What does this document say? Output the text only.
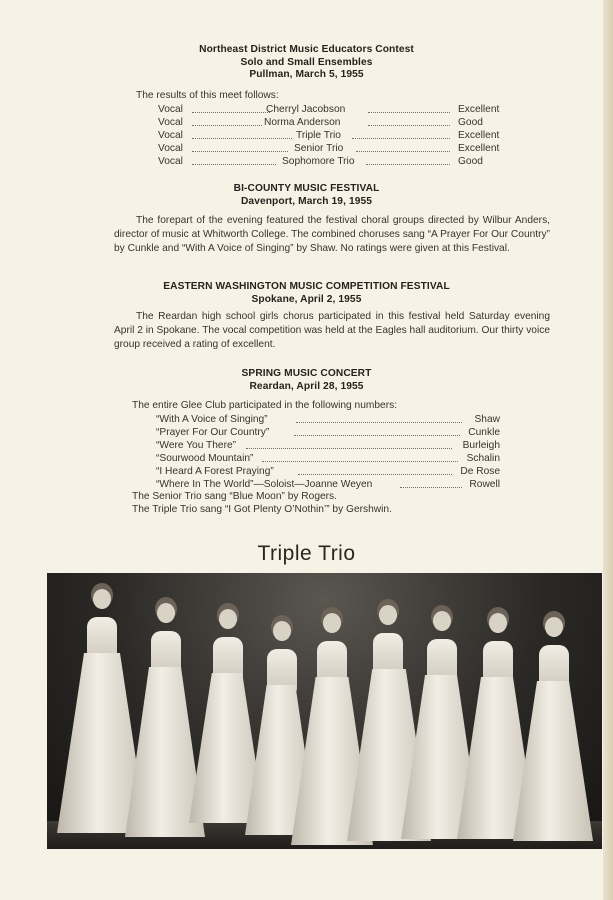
Northeast District Music Educators Contest
Solo and Small Ensembles
Pullman, March 5, 1955
The results of this meet follows:
Vocal	Cherryl Jacobson	Excellent
Vocal	Norma Anderson	Good
Vocal	Triple Trio	Excellent
Vocal	Senior Trio	Excellent
Vocal	Sophomore Trio	Good
BI-COUNTY MUSIC FESTIVAL
Davenport, March 19, 1955
The forepart of the evening featured the festival choral groups directed by Wilbur Anders, director of music at Whitworth College. The combined choruses sang “A Prayer For Our Country” by Cunkle and “With A Voice of Singing” by Shaw. No ratings were given at this Festival.
EASTERN WASHINGTON MUSIC COMPETITION FESTIVAL
Spokane, April 2, 1955
The Reardan high school girls chorus participated in this festival held Saturday evening April 2 in Spokane. The vocal competition was held at the Eagles hall auditorium. Our thirty voice group received a rating of excellent.
SPRING MUSIC CONCERT
Reardan, April 28, 1955
The entire Glee Club participated in the following numbers:
“With A Voice of Singing”	Shaw
“Prayer For Our Country”	Cunkle
“Were You There”	Burleigh
“Sourwood Mountain”	Schalin
“I Heard A Forest Praying”	De Rose
“Where In The World”—Soloist—Joanne Weyen	Rowell
The Senior Trio sang “Blue Moon” by Rogers.
The Triple Trio sang “I Got Plenty O’Nothin’” by Gershwin.
Triple Trio
